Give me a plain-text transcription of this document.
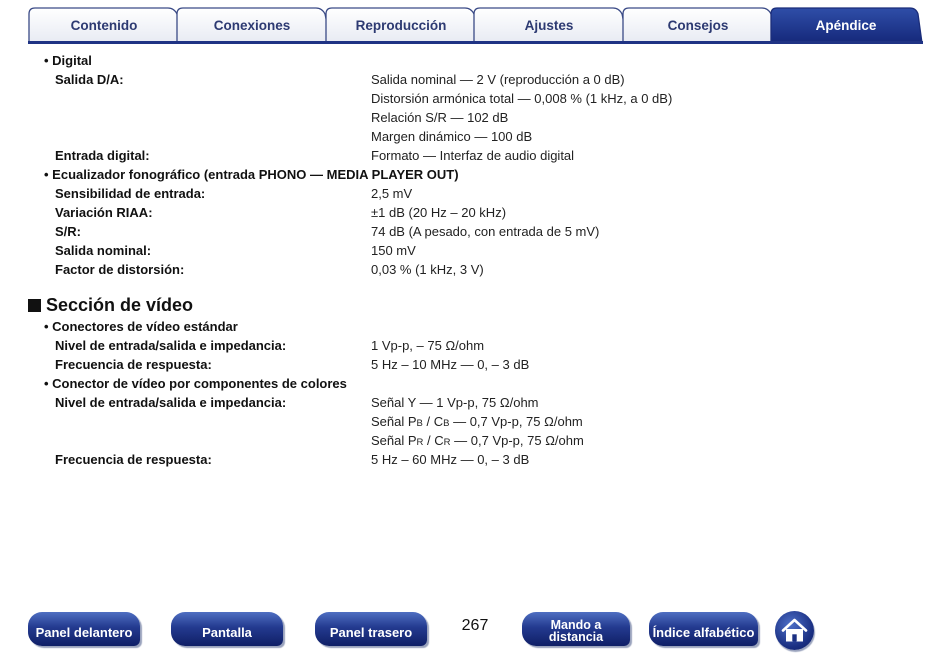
Contenido	Conexiones	Reproducción	Ajustes	Consejos	Apéndice
• Digital
Salida D/A:	Salida nominal — 2 V (reproducción a 0 dB)
Distorsión armónica total — 0,008 % (1 kHz, a 0 dB)
Relación S/R — 102 dB
Margen dinámico — 100 dB
Entrada digital:	Formato — Interfaz de audio digital
• Ecualizador fonográfico (entrada PHONO — MEDIA PLAYER OUT)
Sensibilidad de entrada:	2,5 mV
Variación RIAA:	±1 dB (20 Hz – 20 kHz)
S/R:	74 dB (A pesado, con entrada de 5 mV)
Salida nominal:	150 mV
Factor de distorsión:	0,03 % (1 kHz, 3 V)
Sección de vídeo
• Conectores de vídeo estándar
Nivel de entrada/salida e impedancia:	1 Vp-p, – 75 Ω/ohm
Frecuencia de respuesta:	5 Hz – 10 MHz — 0, – 3 dB
• Conector de vídeo por componentes de colores
Nivel de entrada/salida e impedancia:	Señal Y — 1 Vp-p, 75 Ω/ohm
Señal PB / CB — 0,7 Vp-p, 75 Ω/ohm
Señal PR / CR — 0,7 Vp-p, 75 Ω/ohm
Frecuencia de respuesta:	5 Hz – 60 MHz — 0, – 3 dB
Panel delantero	Pantalla	Panel trasero	267	Mando a
distancia	Índice alfabético
